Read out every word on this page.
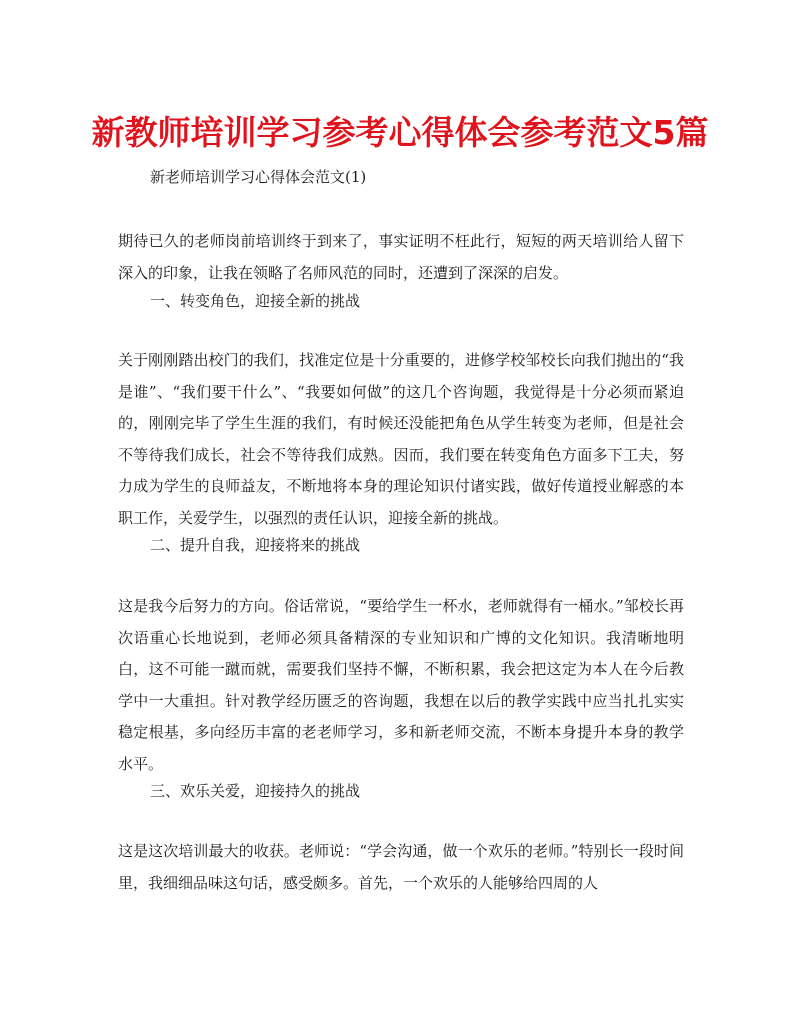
新教师培训学习参考心得体会参考范文5篇

新老师培训学习心得体会范文(1)

期待已久的老师岗前培训终于到来了，事实证明不枉此行，短短的两天培训给人留下深入的印象，让我在领略了名师风范的同时，还遭到了深深的启发。

一、转变角色，迎接全新的挑战

关于刚刚踏出校门的我们，找准定位是十分重要的，进修学校邹校长向我们抛出的“我是谁”、“我们要干什么”、“我要如何做”的这几个咨询题，我觉得是十分必须而紧迫的，刚刚完毕了学生生涯的我们，有时候还没能把角色从学生转变为老师，但是社会不等待我们成长，社会不等待我们成熟。因而，我们要在转变角色方面多下工夫，努力成为学生的良师益友，不断地将本身的理论知识付诸实践，做好传道授业解惑的本职工作，关爱学生，以强烈的责任认识，迎接全新的挑战。

二、提升自我，迎接将来的挑战

这是我今后努力的方向。俗话常说，“要给学生一杯水，老师就得有一桶水。”邹校长再次语重心长地说到，老师必须具备精深的专业知识和广博的文化知识。我清晰地明白，这不可能一蹴而就，需要我们坚持不懈，不断积累，我会把这定为本人在今后教学中一大重担。针对教学经历匮乏的咨询题，我想在以后的教学实践中应当扎扎实实稳定根基，多向经历丰富的老老师学习，多和新老师交流，不断本身提升本身的教学水平。

三、欢乐关爱，迎接持久的挑战

这是这次培训最大的收获。老师说：“学会沟通，做一个欢乐的老师。”特别长一段时间里，我细细品味这句话，感受颇多。首先，一个欢乐的人能够给四周的人
